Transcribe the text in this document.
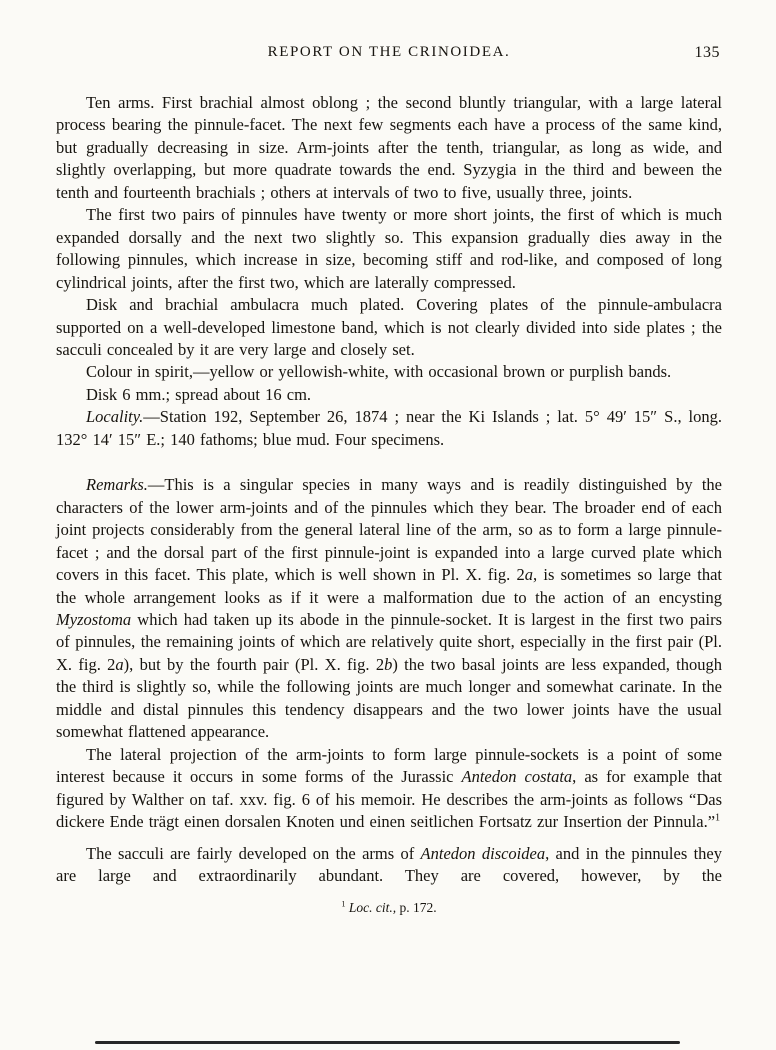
REPORT ON THE CRINOIDEA.	135

Ten arms. First brachial almost oblong ; the second bluntly triangular, with a large lateral process bearing the pinnule-facet. The next few segments each have a process of the same kind, but gradually decreasing in size. Arm-joints after the tenth, triangular, as long as wide, and slightly overlapping, but more quadrate towards the end. Syzygia in the third and beween the tenth and fourteenth brachials ; others at intervals of two to five, usually three, joints.

The first two pairs of pinnules have twenty or more short joints, the first of which is much expanded dorsally and the next two slightly so. This expansion gradually dies away in the following pinnules, which increase in size, becoming stiff and rod-like, and composed of long cylindrical joints, after the first two, which are laterally compressed.

Disk and brachial ambulacra much plated. Covering plates of the pinnule-ambulacra supported on a well-developed limestone band, which is not clearly divided into side plates ; the sacculi concealed by it are very large and closely set.

Colour in spirit,—yellow or yellowish-white, with occasional brown or purplish bands.

Disk 6 mm.; spread about 16 cm.

Locality.—Station 192, September 26, 1874 ; near the Ki Islands ; lat. 5° 49′ 15″ S., long. 132° 14′ 15″ E.; 140 fathoms; blue mud. Four specimens.

Remarks.—This is a singular species in many ways and is readily distinguished by the characters of the lower arm-joints and of the pinnules which they bear. The broader end of each joint projects considerably from the general lateral line of the arm, so as to form a large pinnule-facet ; and the dorsal part of the first pinnule-joint is expanded into a large curved plate which covers in this facet. This plate, which is well shown in Pl. X. fig. 2a, is sometimes so large that the whole arrangement looks as if it were a malformation due to the action of an encysting Myzostoma which had taken up its abode in the pinnule-socket. It is largest in the first two pairs of pinnules, the remaining joints of which are relatively quite short, especially in the first pair (Pl. X. fig. 2a), but by the fourth pair (Pl. X. fig. 2b) the two basal joints are less expanded, though the third is slightly so, while the following joints are much longer and somewhat carinate. In the middle and distal pinnules this tendency disappears and the two lower joints have the usual somewhat flattened appearance.

The lateral projection of the arm-joints to form large pinnule-sockets is a point of some interest because it occurs in some forms of the Jurassic Antedon costata, as for example that figured by Walther on taf. xxv. fig. 6 of his memoir. He describes the arm-joints as follows “Das dickere Ende trägt einen dorsalen Knoten und einen seitlichen Fortsatz zur Insertion der Pinnula.”$^1$

The sacculi are fairly developed on the arms of Antedon discoidea, and in the pinnules they are large and extraordinarily abundant. They are covered, however, by the

$^1$ Loc. cit., p. 172.
